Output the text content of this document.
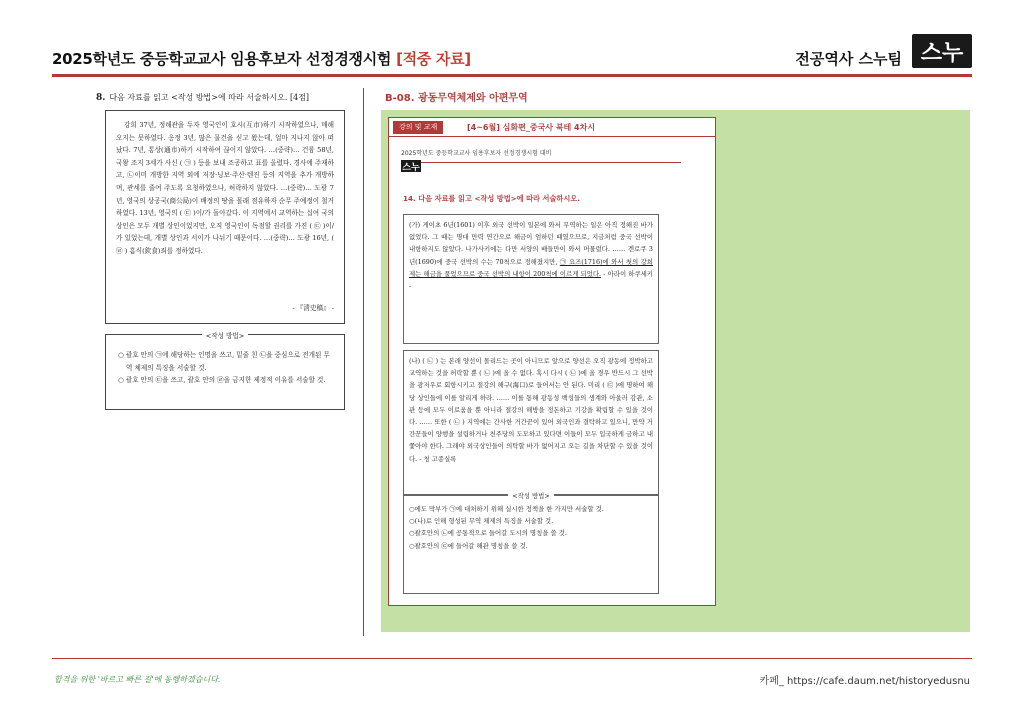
2025학년도 중등학교교사 임용후보자 선정경쟁시험 [적중 자료]	전공역사 스누팀 스누
8. 다음 자료를 읽고 <작성 방법>에 따라 서술하시오. [4점]

강희 37년, 정해관을 두자 영국인이 호시(互市)하기 시작하였으나, 매해 오지는 못하였다. 옹정 3년, 많은 물건을 싣고 왔는데, 얼마 지나지 않아 떠났다. 7년, 통상(通市)하기 시작하여 끊이지 않았다. …(중략)… 건륭 58년, 국왕 조지 3세가 사신 ( ㉠ ) 등을 보내 조공하고 표를 올렸다. 경사에 주재하고, ㉡이미 개방한 지역 외에 저장·닝보·주산·텐진 등의 지역을 추가 개방하며, 관세를 줄여 주도록 요청하였으나, 허락하지 않았다. …(중략)… 도광 7년, 영국의 상공국(商公局)이 배정의 땅을 몰래 점유하자 순무 주예정이 철거하였다. 13년, 영국의 ( ㉢ )이/가 돌아갔다. 이 지역에서 교역하는 십여 국의 상인은 모두 개별 상인이었지만, 오직 영국인이 독점할 권리를 가진 ( ㉢ )이/가 있었는데, 개별 상인과 서이가 나뉘기 때문이다. …(중략)… 도광 16년, ( ㉣ ) 흠식(欽食)죄를 정하였다.

- 『淸史稿』 -
<작성 방법>
○ 괄호 안의 ㉠에 해당하는 인명을 쓰고, 밑줄 친 ㉡을 중심으로 전개된 무역 체제의 특징을 서술할 것.
○ 괄호 안의 ㉢을 쓰고, 괄호 안의 ㉣을 금지한 제정적 이유를 서술할 것.
B-08. 광동무역체제와 아편무역
강의 및 교재	[4~6월] 심화편_중국사 북테 4차시
2025학년도 중등학교교사 임용후보자 선정경쟁시험 대비
스누
14. 다음 자료를 읽고 <작성 방법>에 따라 서술하시오.
(가) 게이초 6년(1601) 이후 외국 선박이 일본에 와서 무역하는 일은 아직 정해진 바가 없었다. 그 때는 명대 만력 연간으로 해금이 엄하던 때였으므로, 지금처럼 중국 선박이 내항하지도 않았다. 나가사키에는 다만 서양의 배들만이 와서 머물렀다. …… 겐로쿠 3년(1690)에 중국 선박의 수는 70척으로 정해졌지만, ㉠ 요즈(1716)에 와서 첫의 강희제는 해금을 풀었으므로 중국 선박의 내항이 200척에 이르게 되었다. - 아라이 하쿠세키 -
(나) ( ㉡ ) 는 본래 양선이 몰리드는 곳이 아니므로 앞으로 양선은 오직 광동에 정박하고 교역하는 것을 허락할 뿐 ( ㉡ )에 올 수 없다. 혹시 다시 ( ㉡ )에 올 경우 반드시 그 선박을 광저우로 회항시키고 절강의 해구(海口)로 들어서는 안 된다. 미리 ( ㉢ )에 명하여 해당 상인들에 이를 알리게 하라. …… 이를 통해 광동성 백성들의 생계와 아울러 감관, 소관 등에 모두 이로움을 뿐 아니라 절강의 해방을 정돈하고 기강을 확립할 수 있을 것이다. …… 또한 ( ㉡ ) 지역에는 간사한 거간꾼이 있어 외국인과 결탁하고 있으니, 만약 거간꾼들이 양행을 설립하거나 천주당의 도모하고 있다면 이들이 모두 입국하게 금하고 내쫓아야 한다. 그래야 외국상인들이 의탁할 바가 없어지고 오는 길을 차단할 수 있을 것이다. - 청 고종실록
<작성 방법>
○에도 막부가 ㉠에 대처하기 위해 실시한 정책을 한 가지만 서술할 것.
○(나)로 인해 형성된 무역 체제의 특징을 서술할 것.
○괄호안의 ㉡에 공통적으로 들어갈 도시의 명칭을 쓸 것.
○괄호안의 ㉢에 들어갈 해관 명칭을 쓸 것.
합격을 위한 '바르고 빠른 길'에 동행하겠습니다.	카페_ https://cafe.daum.net/historyedusnu
